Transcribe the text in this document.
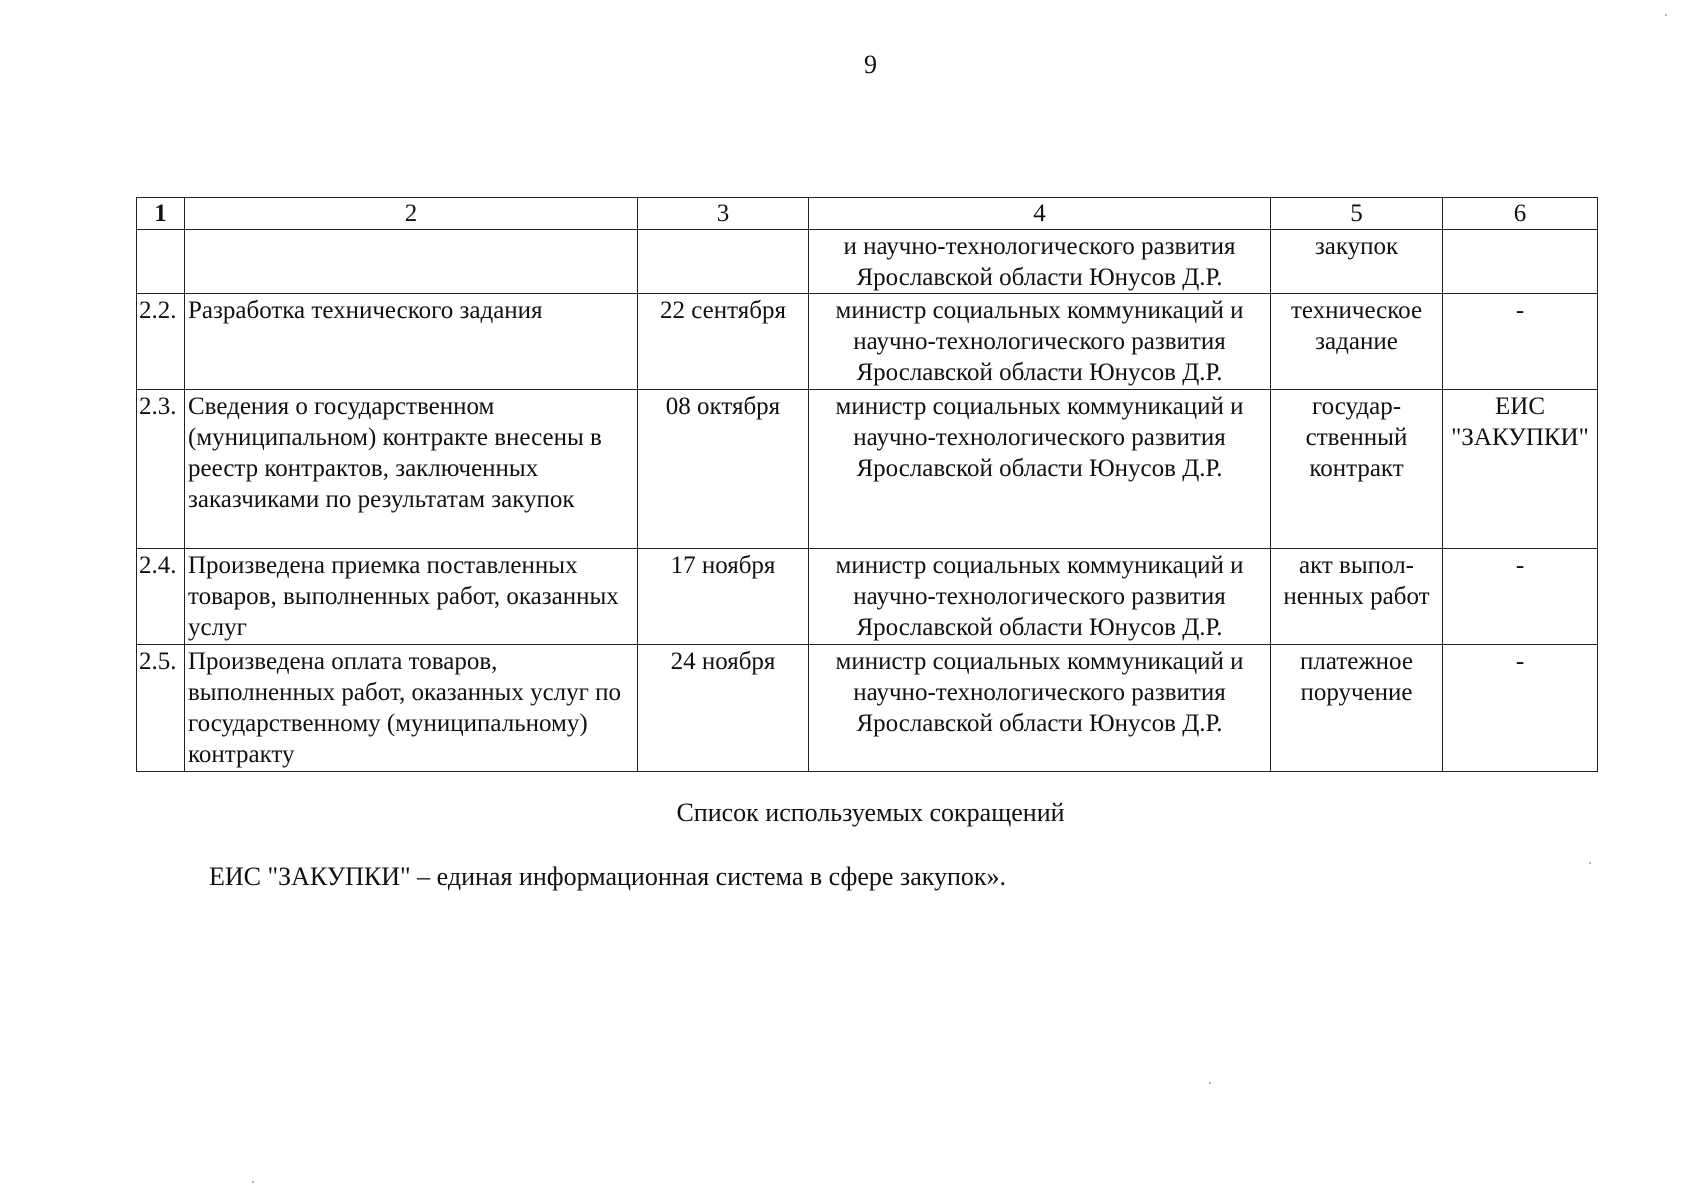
9
1	2	3	4	5	6
			и научно-технологического развития Ярославской области Юнусов Д.Р.	закупок	
2.2.	Разработка технического задания	22 сентября	министр социальных коммуникаций и научно-технологического развития Ярославской области Юнусов Д.Р.	техническое задание	-
2.3.	Сведения о государственном (муниципальном) контракте внесены в реестр контрактов, заключенных заказчиками по результатам закупок	08 октября	министр социальных коммуникаций и научно-технологического развития Ярославской области Юнусов Д.Р.	государ-ственный контракт	ЕИС "ЗАКУПКИ"
2.4.	Произведена приемка поставленных товаров, выполненных работ, оказанных услуг	17 ноября	министр социальных коммуникаций и научно-технологического развития Ярославской области Юнусов Д.Р.	акт выпол-ненных работ	-
2.5.	Произведена оплата товаров, выполненных работ, оказанных услуг по государственному (муниципальному) контракту	24 ноября	министр социальных коммуникаций и научно-технологического развития Ярославской области Юнусов Д.Р.	платежное поручение	-
Список используемых сокращений
ЕИС "ЗАКУПКИ" – единая информационная система в сфере закупок».
